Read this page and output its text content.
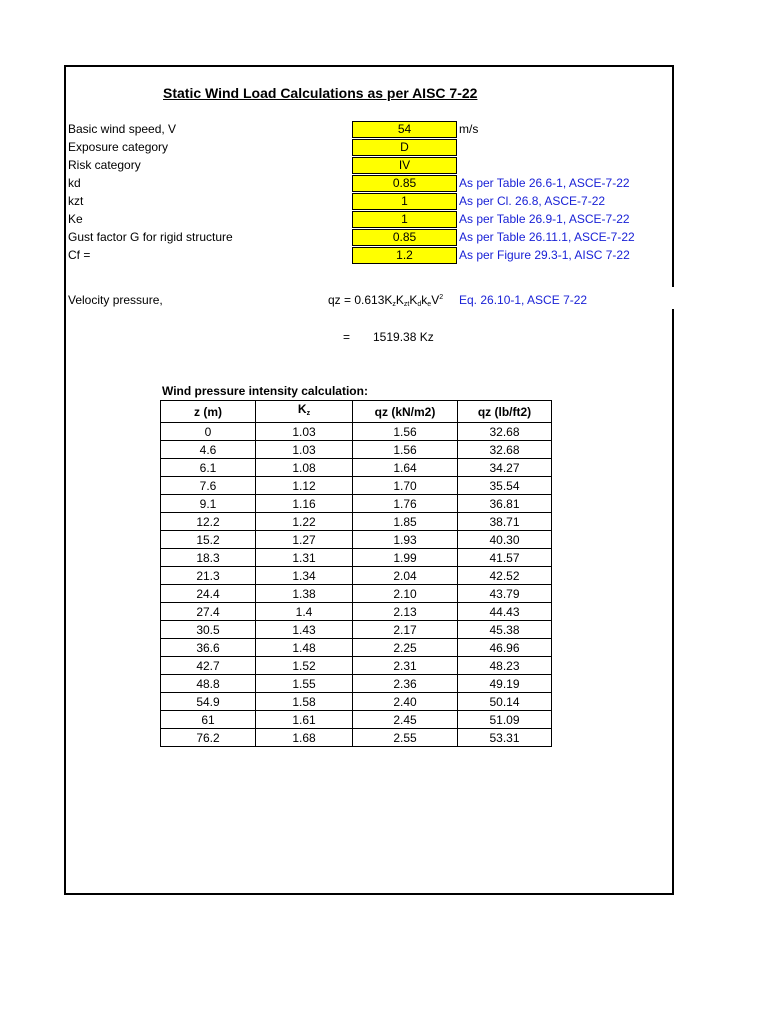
Static Wind Load Calculations as per AISC 7-22
Basic wind speed, V	54	m/s
Exposure category	D
Risk category	IV
kd	0.85	As per Table 26.6-1, ASCE-7-22
kzt	1	As per Cl. 26.8, ASCE-7-22
Ke	1	As per Table 26.9-1, ASCE-7-22
Gust factor G for rigid structure	0.85	As per Table 26.11.1, ASCE-7-22
Cf =	1.2	As per Figure 29.3-1, AISC 7-22
Velocity pressure,	qz = $0.613K_zK_{zt}K_dk_eV^2$ Eq. 26.10-1, ASCE 7-22
= 1519.38 Kz
Wind pressure intensity calculation:
z (m)	$K_z$	qz (kN/m2)	qz (lb/ft2)
0	1.03	1.56	32.68
4.6	1.03	1.56	32.68
6.1	1.08	1.64	34.27
7.6	1.12	1.70	35.54
9.1	1.16	1.76	36.81
12.2	1.22	1.85	38.71
15.2	1.27	1.93	40.30
18.3	1.31	1.99	41.57
21.3	1.34	2.04	42.52
24.4	1.38	2.10	43.79
27.4	1.4	2.13	44.43
30.5	1.43	2.17	45.38
36.6	1.48	2.25	46.96
42.7	1.52	2.31	48.23
48.8	1.55	2.36	49.19
54.9	1.58	2.40	50.14
61	1.61	2.45	51.09
76.2	1.68	2.55	53.31
